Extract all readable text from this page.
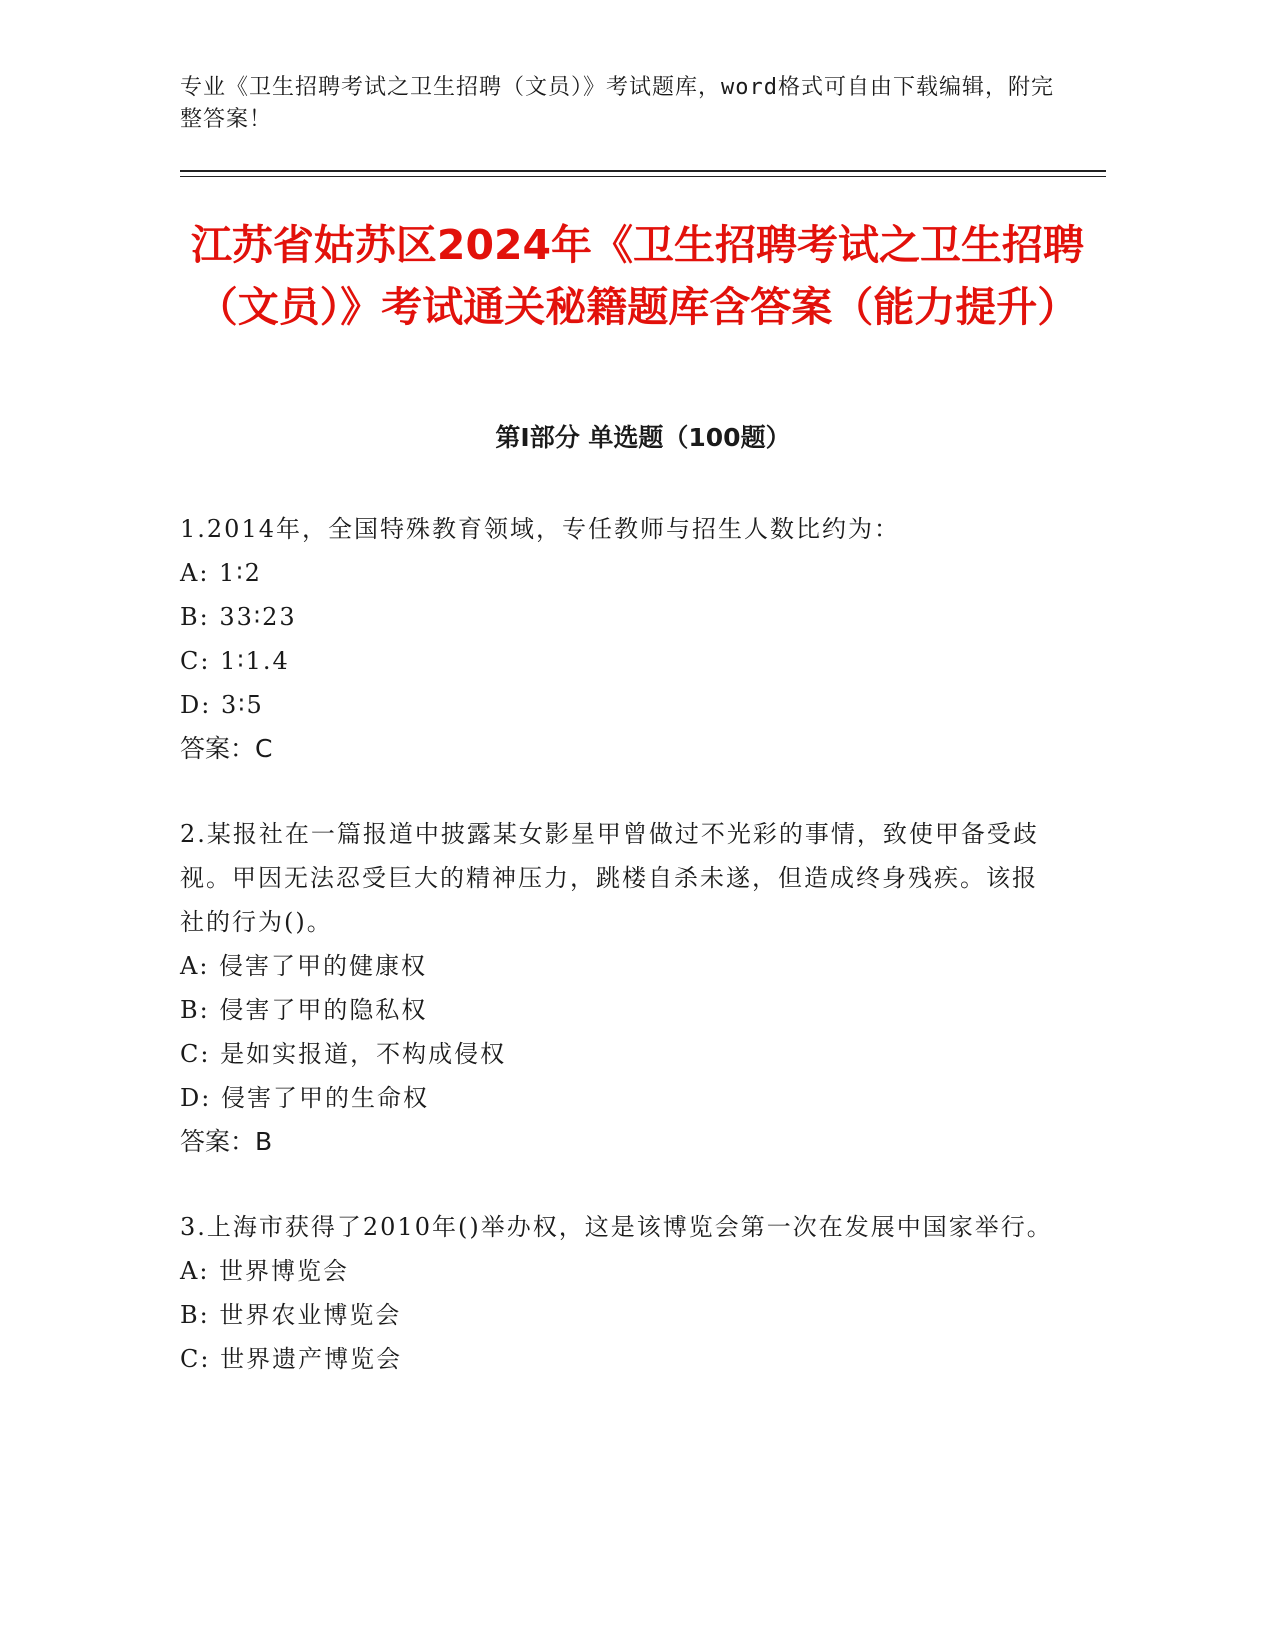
专业《卫生招聘考试之卫生招聘（文员）》考试题库，word格式可自由下载编辑，附完整答案！
江苏省姑苏区2024年《卫生招聘考试之卫生招聘（文员）》考试通关秘籍题库含答案（能力提升）
第Ⅰ部分 单选题（100题）
1.2014年，全国特殊教育领域，专任教师与招生人数比约为：
A: 1∶2
B: 33∶23
C: 1∶1.4
D: 3∶5
答案：C
2.某报社在一篇报道中披露某女影星甲曾做过不光彩的事情，致使甲备受歧视。甲因无法忍受巨大的精神压力，跳楼自杀未遂，但造成终身残疾。该报社的行为()。
A: 侵害了甲的健康权
B: 侵害了甲的隐私权
C: 是如实报道，不构成侵权
D: 侵害了甲的生命权
答案：B
3.上海市获得了2010年()举办权，这是该博览会第一次在发展中国家举行。
A: 世界博览会
B: 世界农业博览会
C: 世界遗产博览会
